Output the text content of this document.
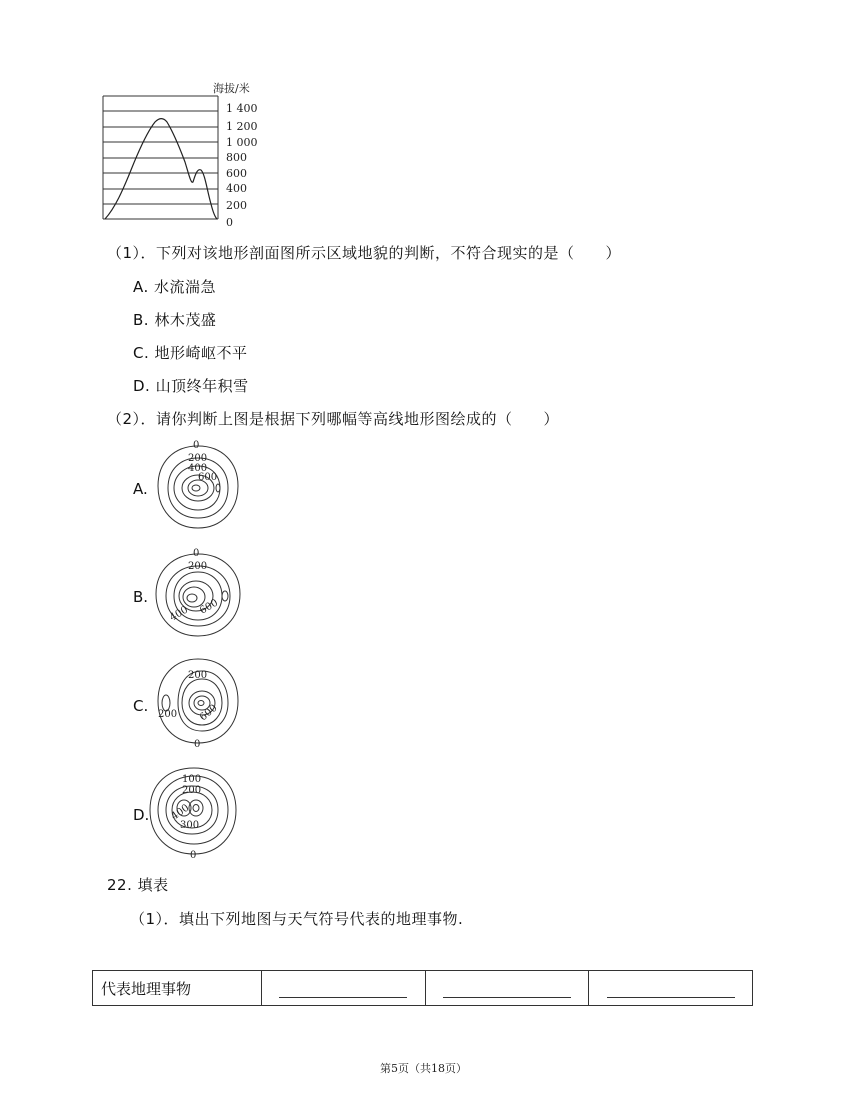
海拔/米
1 400
1 200
1 000
800
600
400
200
0
（1）．下列对该地形剖面图所示区域地貌的判断，不符合现实的是（　　）
A. 水流湍急
B. 林木茂盛
C. 地形崎岖不平
D. 山顶终年积雪
（2）．请你判断上图是根据下列哪幅等高线地形图绘成的（　　）
A.
0
200
400
600
B.
0
200
400 600
C.
200
200 600
0
D.
100
200
300
400
0
22. 填表
（1）．填出下列地图与天气符号代表的地理事物.
代表地理事物	

第5页（共18页）
